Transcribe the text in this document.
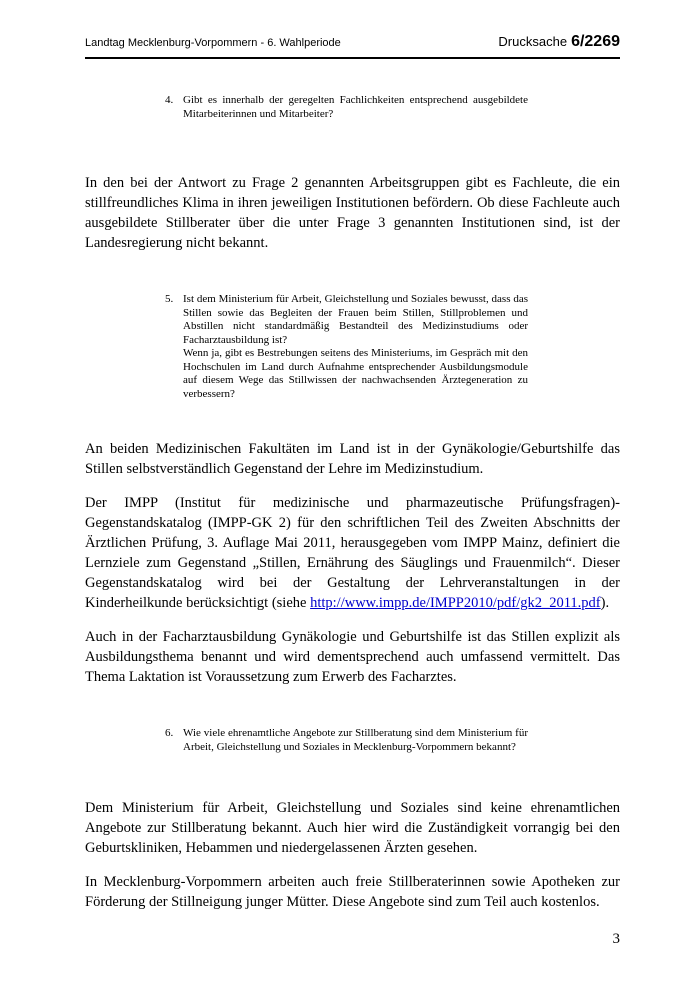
Landtag Mecklenburg-Vorpommern - 6. Wahlperiode	Drucksache 6/2269
4. Gibt es innerhalb der geregelten Fachlichkeiten entsprechend ausgebildete Mitarbeiterinnen und Mitarbeiter?

In den bei der Antwort zu Frage 2 genannten Arbeitsgruppen gibt es Fachleute, die ein stillfreundliches Klima in ihren jeweiligen Institutionen befördern. Ob diese Fachleute auch ausgebildete Stillberater über die unter Frage 3 genannten Institutionen sind, ist der Landesregierung nicht bekannt.

5. Ist dem Ministerium für Arbeit, Gleichstellung und Soziales bewusst, dass das Stillen sowie das Begleiten der Frauen beim Stillen, Stillproblemen und Abstillen nicht standardmäßig Bestandteil des Medizinstudiums oder Facharztausbildung ist?
Wenn ja, gibt es Bestrebungen seitens des Ministeriums, im Gespräch mit den Hochschulen im Land durch Aufnahme entsprechender Ausbildungsmodule auf diesem Wege das Stillwissen der nachwachsenden Ärztegeneration zu verbessern?

An beiden Medizinischen Fakultäten im Land ist in der Gynäkologie/Geburtshilfe das Stillen selbstverständlich Gegenstand der Lehre im Medizinstudium.

Der IMPP (Institut für medizinische und pharmazeutische Prüfungsfragen)-Gegenstandskatalog (IMPP-GK 2) für den schriftlichen Teil des Zweiten Abschnitts der Ärztlichen Prüfung, 3. Auflage Mai 2011, herausgegeben vom IMPP Mainz, definiert die Lernziele zum Gegenstand „Stillen, Ernährung des Säuglings und Frauenmilch“. Dieser Gegenstandskatalog wird bei der Gestaltung der Lehrveranstaltungen in der Kinderheilkunde berücksichtigt (siehe http://www.impp.de/IMPP2010/pdf/gk2_2011.pdf).

Auch in der Facharztausbildung Gynäkologie und Geburtshilfe ist das Stillen explizit als Ausbildungsthema benannt und wird dementsprechend auch umfassend vermittelt. Das Thema Laktation ist Voraussetzung zum Erwerb des Facharztes.

6. Wie viele ehrenamtliche Angebote zur Stillberatung sind dem Ministerium für Arbeit, Gleichstellung und Soziales in Mecklenburg-Vorpommern bekannt?

Dem Ministerium für Arbeit, Gleichstellung und Soziales sind keine ehrenamtlichen Angebote zur Stillberatung bekannt. Auch hier wird die Zuständigkeit vorrangig bei den Geburtskliniken, Hebammen und niedergelassenen Ärzten gesehen.

In Mecklenburg-Vorpommern arbeiten auch freie Stillberaterinnen sowie Apotheken zur Förderung der Stillneigung junger Mütter. Diese Angebote sind zum Teil auch kostenlos.

3
